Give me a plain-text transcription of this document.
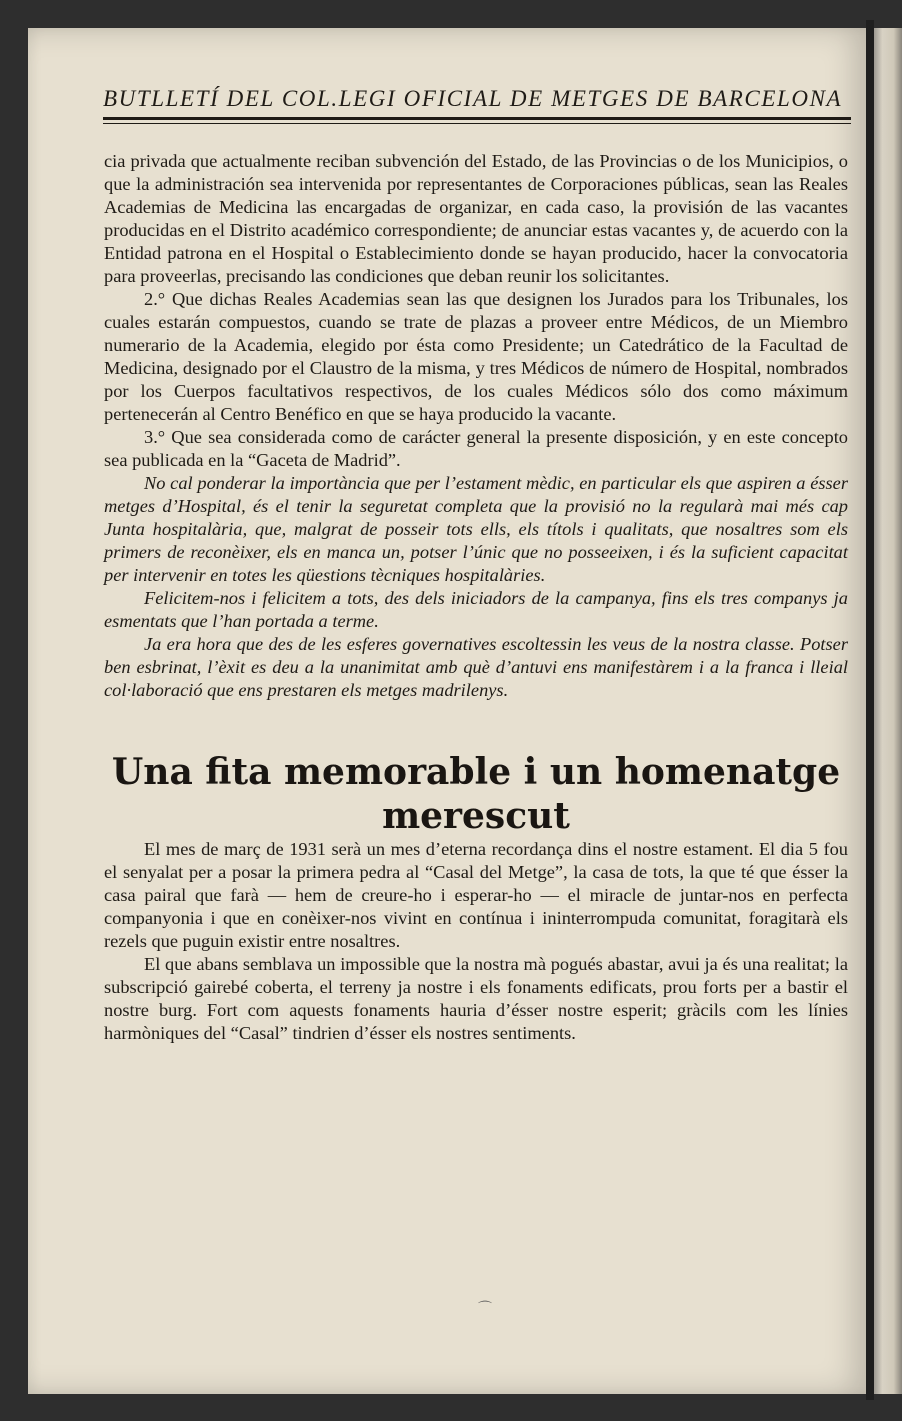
BUTLLETÍ DEL COL.LEGI OFICIAL DE METGES DE BARCELONA

cia privada que actualmente reciban subvención del Estado, de las Provincias o de los Municipios, o que la administración sea intervenida por representantes de Corporaciones públicas, sean las Reales Academias de Medicina las encargadas de organizar, en cada caso, la provisión de las vacantes producidas en el Distrito académico correspondiente; de anunciar estas vacantes y, de acuerdo con la Entidad patrona en el Hospital o Establecimiento donde se hayan producido, hacer la convocatoria para proveerlas, precisando las condiciones que deban reunir los solicitantes.

2.° Que dichas Reales Academias sean las que designen los Jurados para los Tribunales, los cuales estarán compuestos, cuando se trate de plazas a proveer entre Médicos, de un Miembro numerario de la Academia, elegido por ésta como Presidente; un Catedrático de la Facultad de Medicina, designado por el Claustro de la misma, y tres Médicos de número de Hospital, nombrados por los Cuerpos facultativos respectivos, de los cuales Médicos sólo dos como máximum pertenecerán al Centro Benéfico en que se haya producido la vacante.

3.° Que sea considerada como de carácter general la presente disposición, y en este concepto sea publicada en la “Gaceta de Madrid”.

No cal ponderar la importància que per l’estament mèdic, en particular els que aspiren a ésser metges d’Hospital, és el tenir la seguretat completa que la provisió no la regularà mai més cap Junta hospitalària, que, malgrat de posseir tots ells, els títols i qualitats, que nosaltres som els primers de reconèixer, els en manca un, potser l’únic que no posseeixen, i és la suficient capacitat per intervenir en totes les qüestions tècniques hospitalàries.

Felicitem-nos i felicitem a tots, des dels iniciadors de la campanya, fins els tres companys ja esmentats que l’han portada a terme.

Ja era hora que des de les esferes governatives escoltessin les veus de la nostra classe. Potser ben esbrinat, l’èxit es deu a la unanimitat amb què d’antuvi ens manifestàrem i a la franca i lleial col·laboració que ens prestaren els metges madrilenys.

Una fita memorable i un homenatge merescut

El mes de març de 1931 serà un mes d’eterna recordança dins el nostre estament. El dia 5 fou el senyalat per a posar la primera pedra al “Casal del Metge”, la casa de tots, la que té que ésser la casa pairal que farà — hem de creure-ho i esperar-ho — el miracle de juntar-nos en perfecta companyonia i que en conèixer-nos vivint en contínua i ininterrompuda comunitat, foragitarà els rezels que puguin existir entre nosaltres.

El que abans semblava un impossible que la nostra mà pogués abastar, avui ja és una realitat; la subscripció gairebé coberta, el terreny ja nostre i els fonaments edificats, prou forts per a bastir el nostre burg. Fort com aquests fonaments hauria d’ésser nostre esperit; gràcils com les línies harmòniques del “Casal” tindrien d’ésser els nostres sentiments.

⌒
